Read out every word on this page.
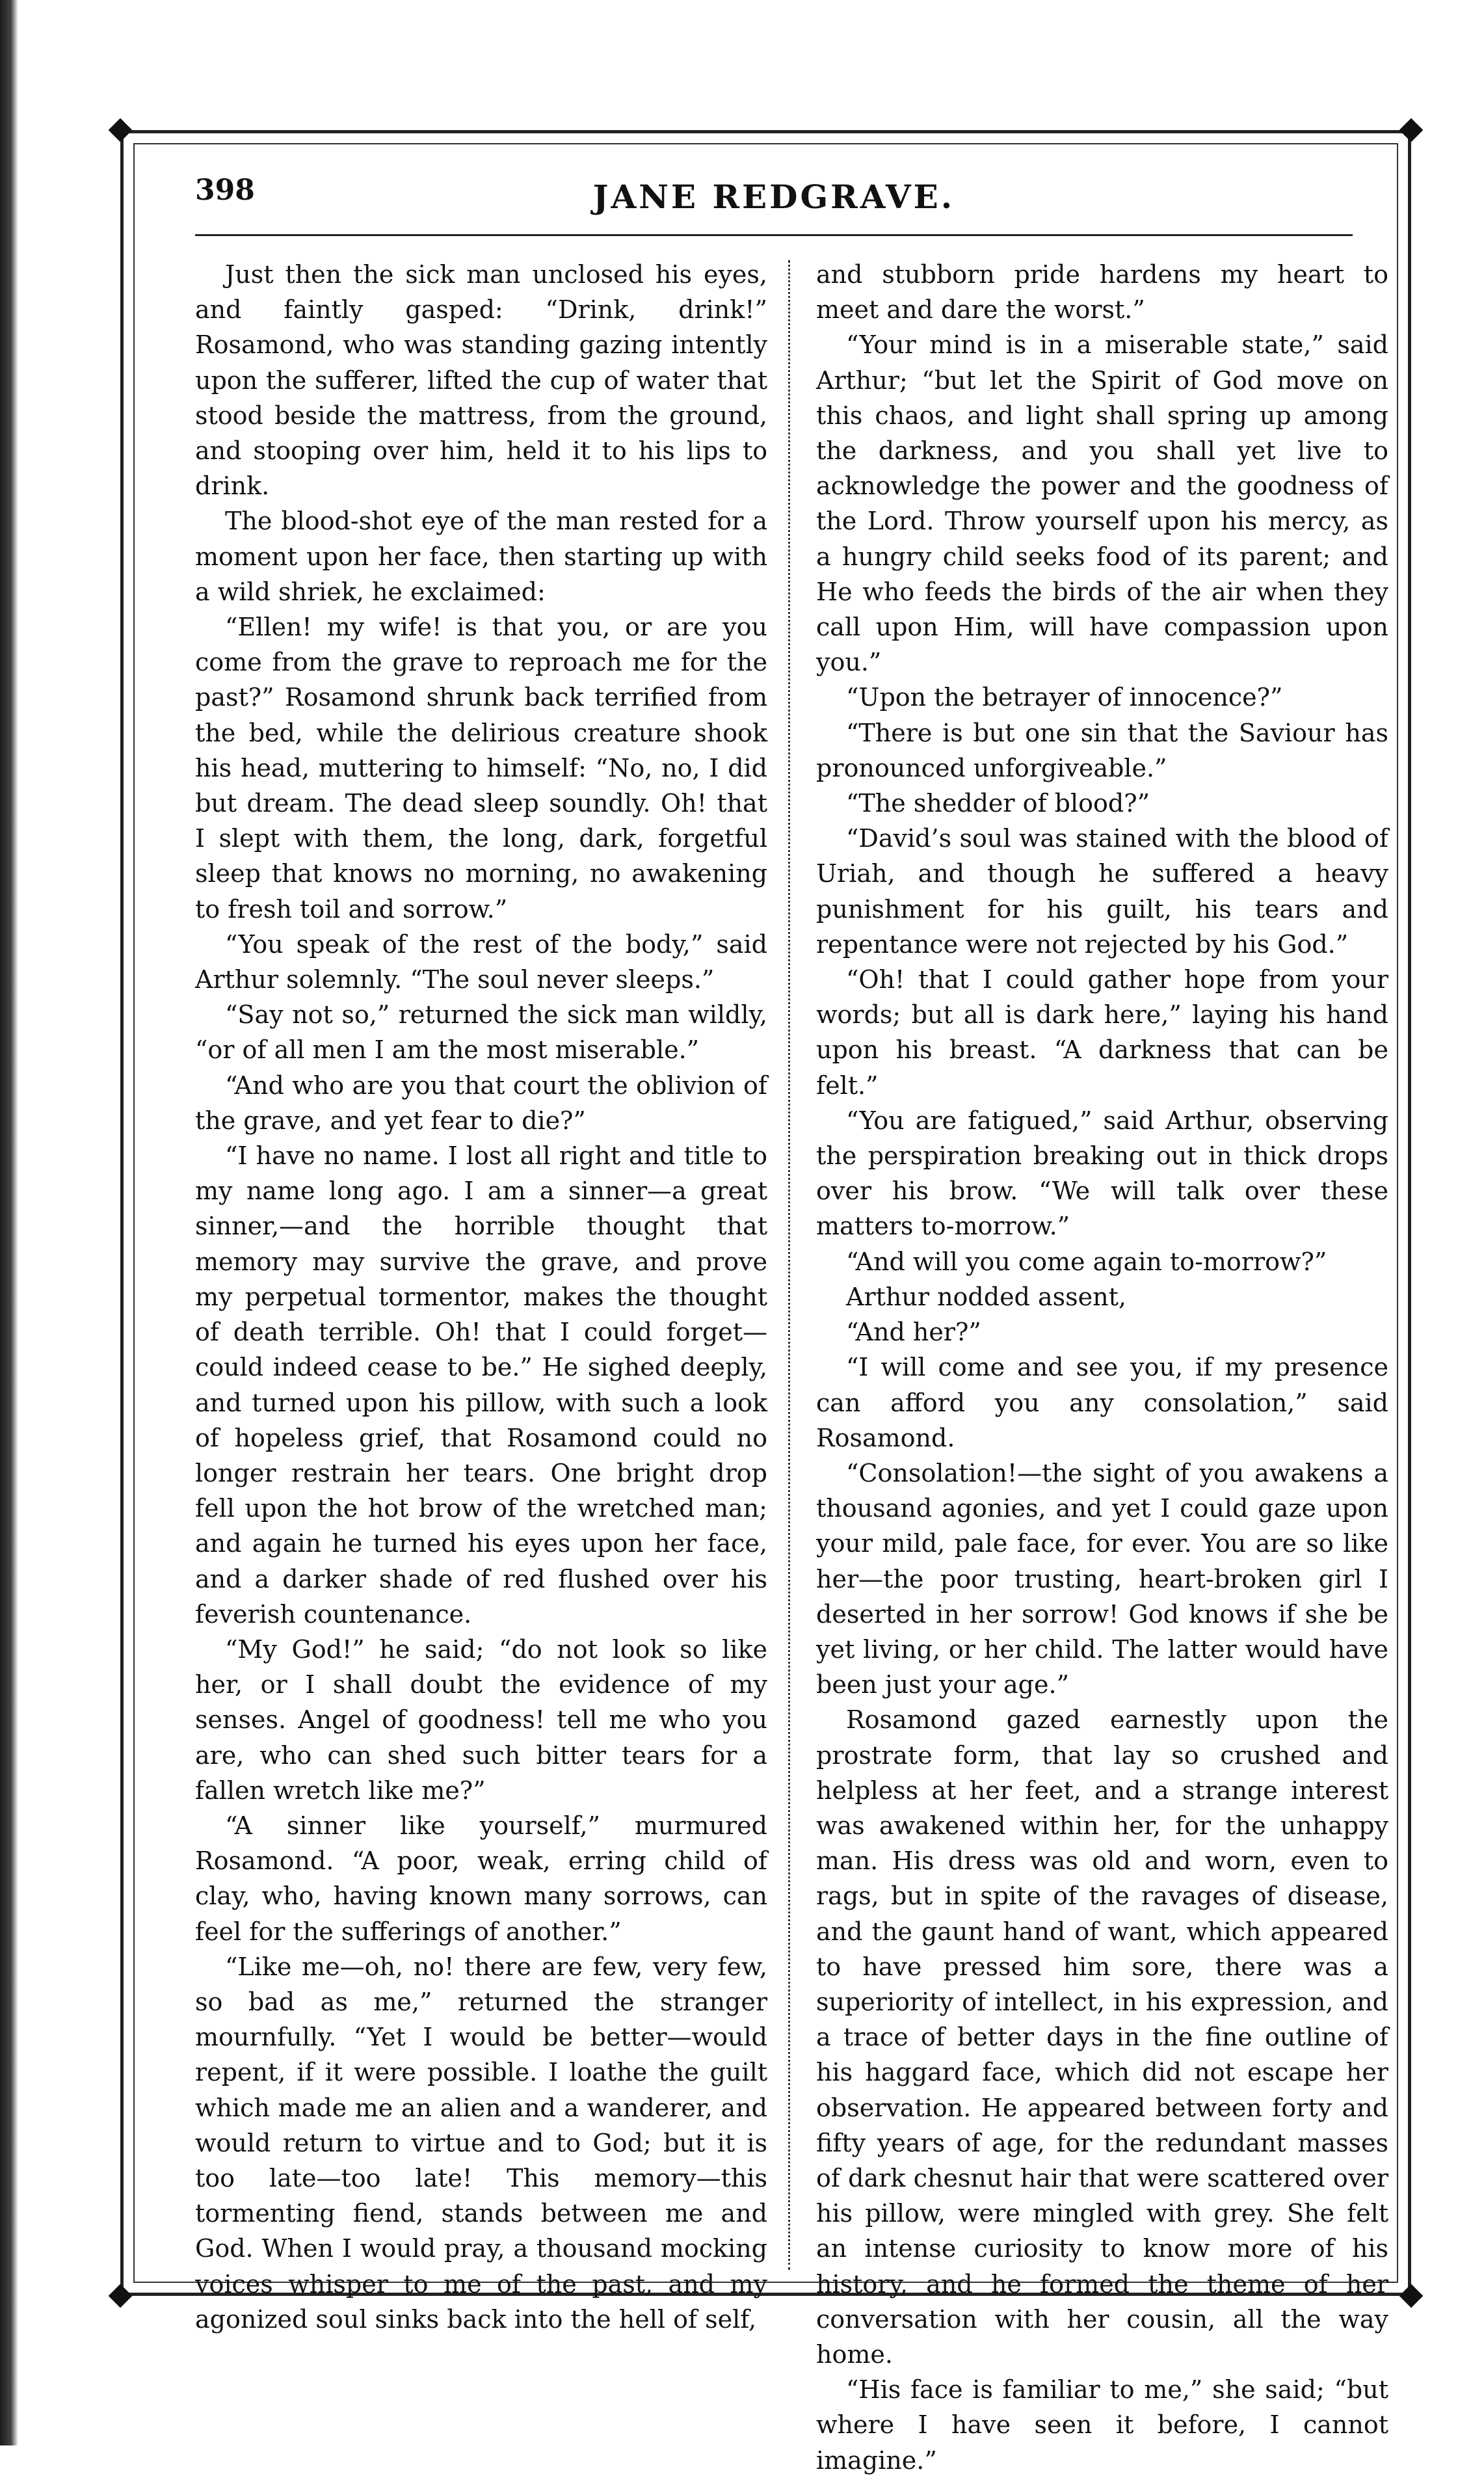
398	JANE REDGRAVE.

Just then the sick man unclosed his eyes, and faintly gasped: “Drink, drink!” Rosamond, who was standing gazing intently upon the sufferer, lifted the cup of water that stood beside the mattress, from the ground, and stooping over him, held it to his lips to drink.

The blood-shot eye of the man rested for a moment upon her face, then starting up with a wild shriek, he exclaimed:

“Ellen! my wife! is that you, or are you come from the grave to reproach me for the past?” Rosamond shrunk back terrified from the bed, while the delirious creature shook his head, muttering to himself: “No, no, I did but dream. The dead sleep soundly. Oh! that I slept with them, the long, dark, forgetful sleep that knows no morning, no awakening to fresh toil and sorrow.”

“You speak of the rest of the body,” said Arthur solemnly. “The soul never sleeps.”

“Say not so,” returned the sick man wildly, “or of all men I am the most miserable.”

“And who are you that court the oblivion of the grave, and yet fear to die?”

“I have no name. I lost all right and title to my name long ago. I am a sinner—a great sinner,—and the horrible thought that memory may survive the grave, and prove my perpetual tormentor, makes the thought of death terrible. Oh! that I could forget—could indeed cease to be.” He sighed deeply, and turned upon his pillow, with such a look of hopeless grief, that Rosamond could no longer restrain her tears. One bright drop fell upon the hot brow of the wretched man; and again he turned his eyes upon her face, and a darker shade of red flushed over his feverish countenance.

“My God!” he said; “do not look so like her, or I shall doubt the evidence of my senses. Angel of goodness! tell me who you are, who can shed such bitter tears for a fallen wretch like me?”

“A sinner like yourself,” murmured Rosamond. “A poor, weak, erring child of clay, who, having known many sorrows, can feel for the sufferings of another.”

“Like me—oh, no! there are few, very few, so bad as me,” returned the stranger mournfully. “Yet I would be better—would repent, if it were possible. I loathe the guilt which made me an alien and a wanderer, and would return to virtue and to God; but it is too late—too late! This memory—this tormenting fiend, stands between me and God. When I would pray, a thousand mocking voices whisper to me of the past, and my agonized soul sinks back into the hell of self,

and stubborn pride hardens my heart to meet and dare the worst.”

“Your mind is in a miserable state,” said Arthur; “but let the Spirit of God move on this chaos, and light shall spring up among the darkness, and you shall yet live to acknowledge the power and the goodness of the Lord. Throw yourself upon his mercy, as a hungry child seeks food of its parent; and He who feeds the birds of the air when they call upon Him, will have compassion upon you.”

“Upon the betrayer of innocence?”

“There is but one sin that the Saviour has pronounced unforgiveable.”

“The shedder of blood?”

“David’s soul was stained with the blood of Uriah, and though he suffered a heavy punishment for his guilt, his tears and repentance were not rejected by his God.”

“Oh! that I could gather hope from your words; but all is dark here,” laying his hand upon his breast. “A darkness that can be felt.”

“You are fatigued,” said Arthur, observing the perspiration breaking out in thick drops over his brow. “We will talk over these matters to-morrow.”

“And will you come again to-morrow?”

Arthur nodded assent,

“And her?”

“I will come and see you, if my presence can afford you any consolation,” said Rosamond.

“Consolation!—the sight of you awakens a thousand agonies, and yet I could gaze upon your mild, pale face, for ever. You are so like her—the poor trusting, heart-broken girl I deserted in her sorrow! God knows if she be yet living, or her child. The latter would have been just your age.”

Rosamond gazed earnestly upon the prostrate form, that lay so crushed and helpless at her feet, and a strange interest was awakened within her, for the unhappy man. His dress was old and worn, even to rags, but in spite of the ravages of disease, and the gaunt hand of want, which appeared to have pressed him sore, there was a superiority of intellect, in his expression, and a trace of better days in the fine outline of his haggard face, which did not escape her observation. He appeared between forty and fifty years of age, for the redundant masses of dark chesnut hair that were scattered over his pillow, were mingled with grey. She felt an intense curiosity to know more of his history, and he formed the theme of her conversation with her cousin, all the way home.

“His face is familiar to me,” she said; “but where I have seen it before, I cannot imagine.”
